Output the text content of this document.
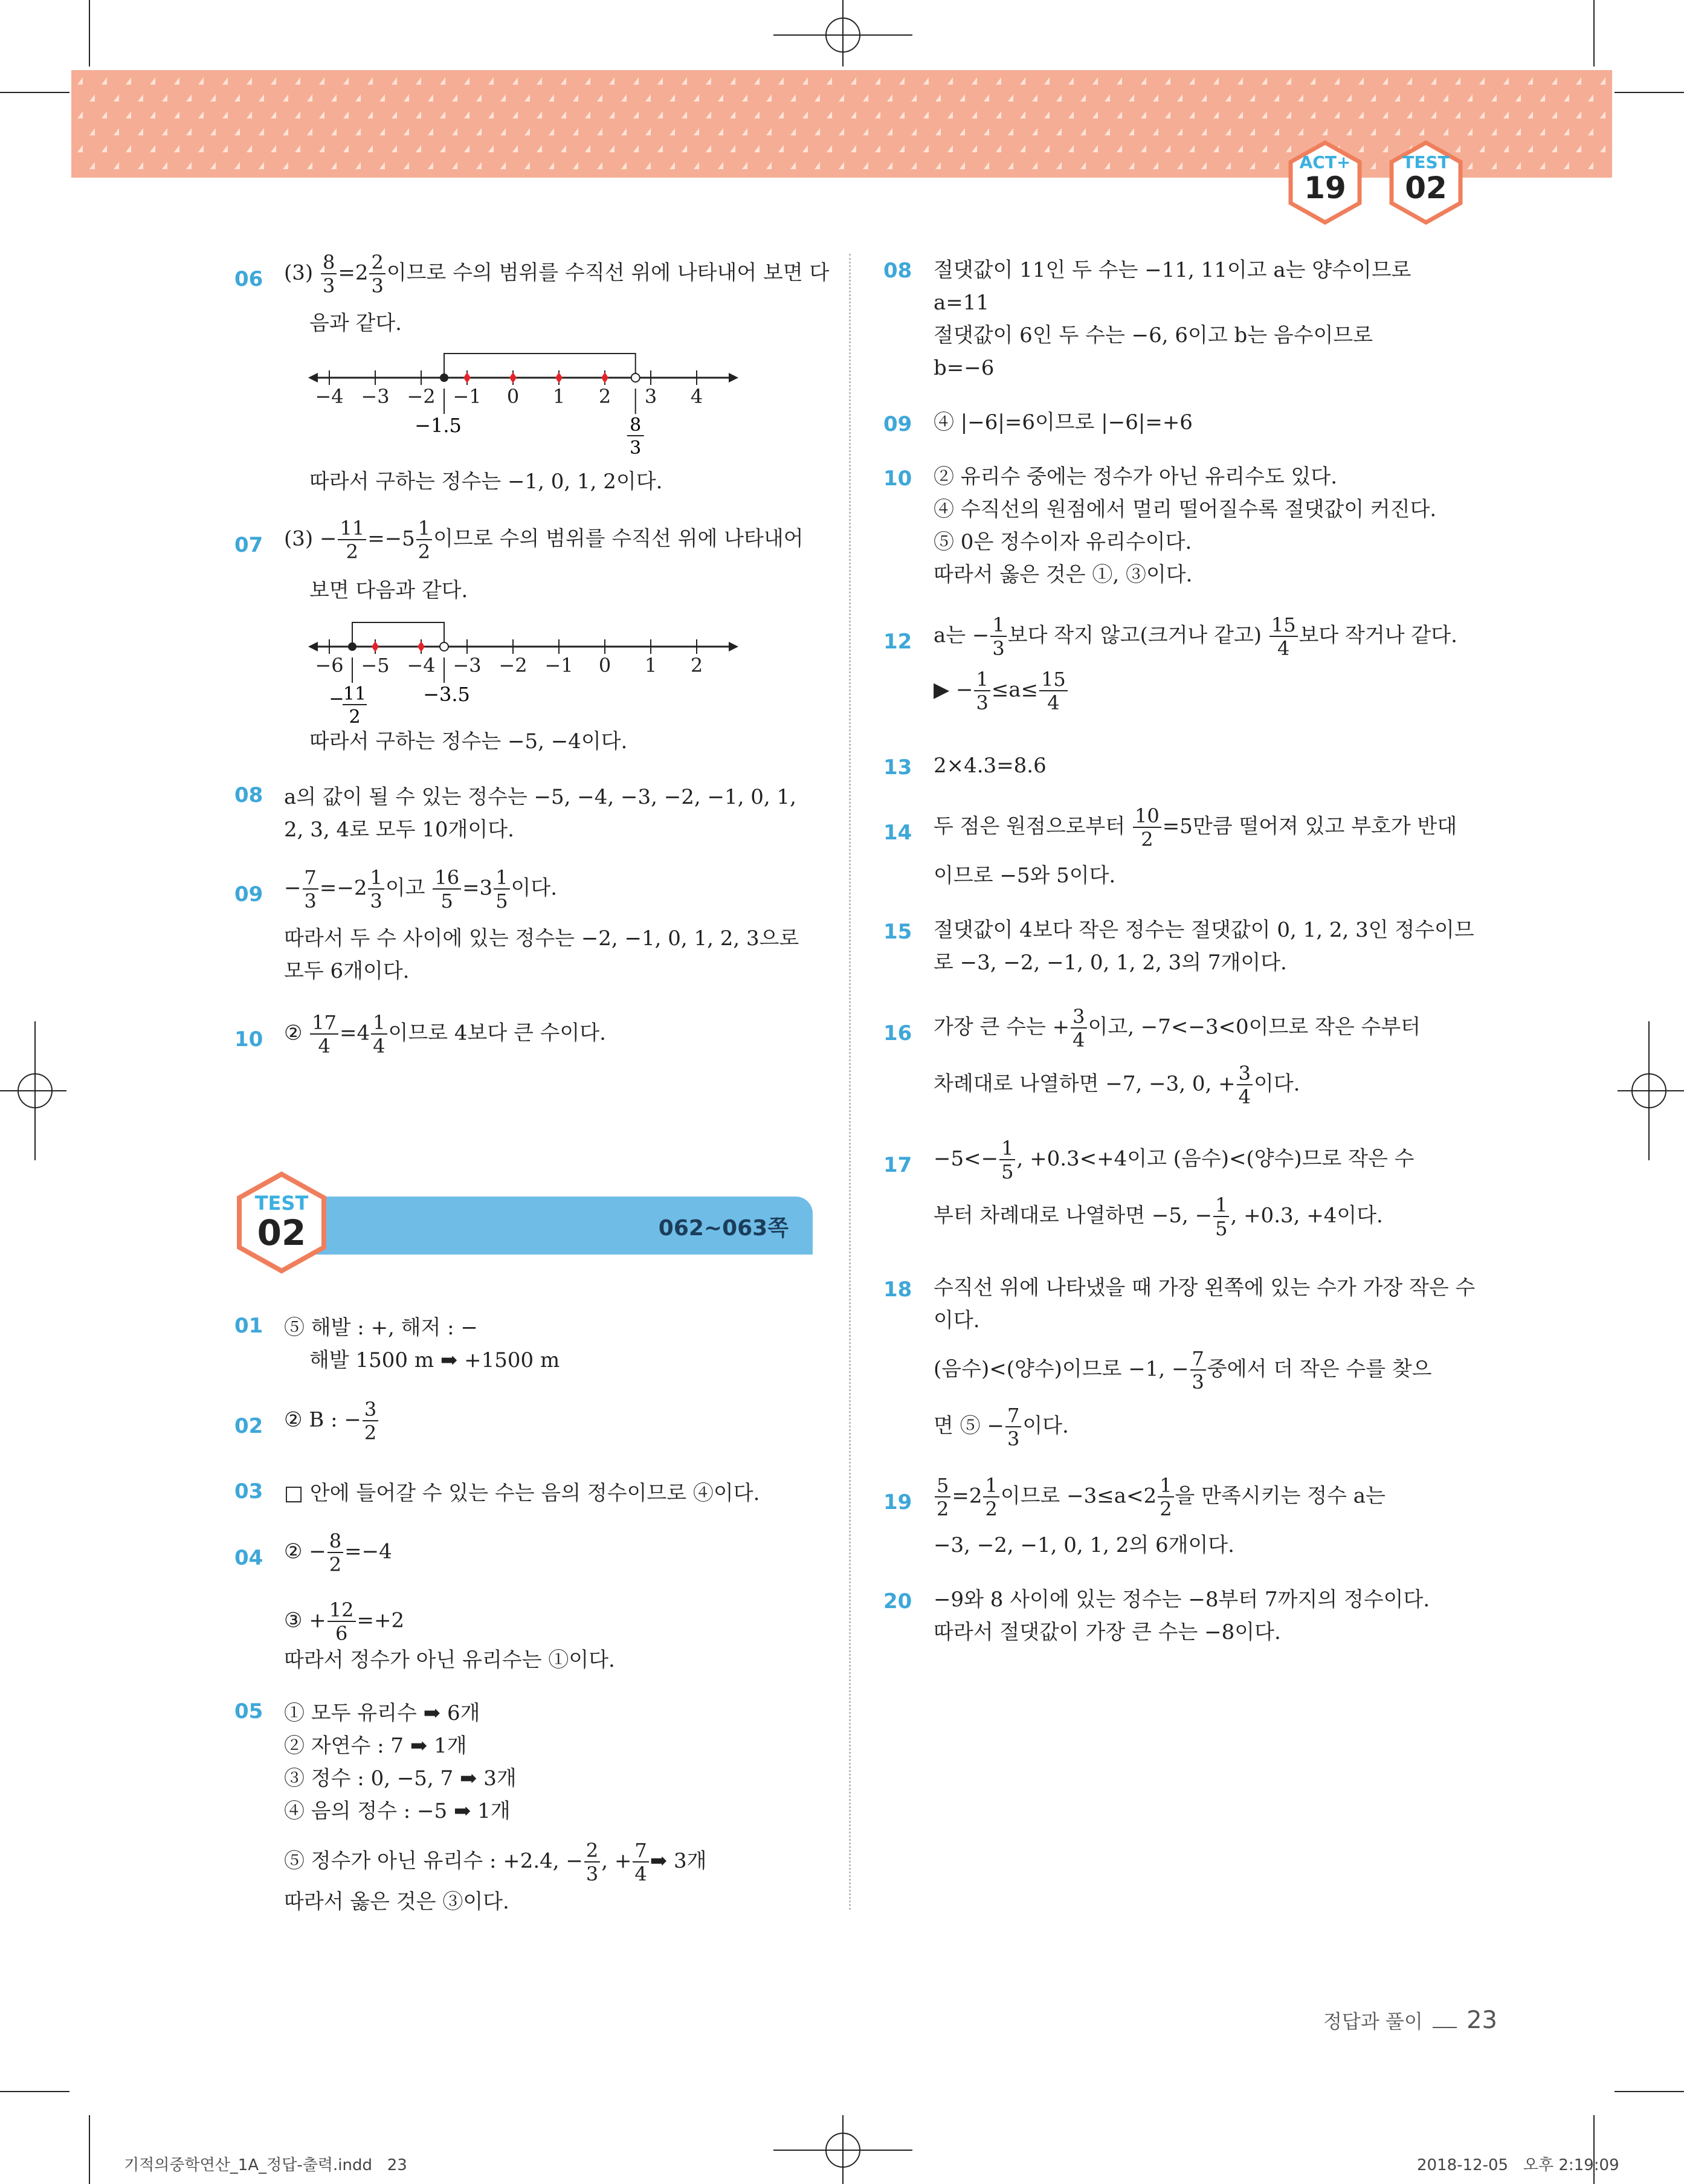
ACT+
19
TEST
02
06 $(3) \frac{8}{3} =2 \frac{2}{3}$ 이므로 수의 범위를 수직선 위에 나타내어 보면 다
음과 같다.
−4 −3 −2 −1 0 1 2 3 4
−1.5	8
3
따라서 구하는 정수는 −1, 0, 1, 2이다.
07 $(3) - \frac{11}{2} =-5 \frac{1}{2}$ 이므로 수의 범위를 수직선 위에 나타내어
보면 다음과 같다.
−6 −5 −4 −3 −2 −1 0 1 2
11
−
2
−3.5
따라서 구하는 정수는 −5, −4이다.
08 a의 값이 될 수 있는 정수는 −5, −4, −3, −2, −1, 0, 1,
2, 3, 4로 모두 10개이다.
$09 - \frac{7}{3} =-2 \frac{1}{3}$ 이고 $\frac{16}{5} =3 \frac{1}{5}$ 이다.
따라서 두 수 사이에 있는 정수는 −2, −1, 0, 1, 2, 3으로
모두 6개이다.
10 ② $\frac{17}{4} =4 \frac{1}{4}$ 이므로 4보다 큰 수이다.
062~063쪽
TEST
02
01 ⑤ 해발 : +, 해저 : −
해발 1500 m ➡ +1500 m
02 ② B : − $\frac{3}{2}$
03 □ 안에 들어갈 수 있는 수는 음의 정수이므로 ④이다.
04 ② − $\frac{8}{2} =-4$
③ + $\frac{12}{6} =+2$
따라서 정수가 아닌 유리수는 ①이다.
05 ① 모두 유리수 ➡ 6개
② 자연수 : 7 ➡ 1개
③ 정수 : 0, −5, 7 ➡ 3개
④ 음의 정수 : −5 ➡ 1개
⑤ 정수가 아닌 유리수 : +2.4, − $\frac{2}{3}$ , + $\frac{7}{4}$ ➡ 3개
따라서 옳은 것은 ③이다.
08 절댓값이 11인 두 수는 −11, 11이고 a는 양수이므로
a=11
절댓값이 6인 두 수는 −6, 6이고 b는 음수이므로
b=−6
09 ④ |−6|=6이므로 |−6|=+6
10 ② 유리수 중에는 정수가 아닌 유리수도 있다.
④ 수직선의 원점에서 멀리 떨어질수록 절댓값이 커진다.
⑤ 0은 정수이자 유리수이다.
따라서 옳은 것은 ①, ③이다.
12 a는 − $\frac{1}{3}$ 보다 작지 않고(크거나 같고) $\frac{15}{4}$ 보다 작거나 같다.
▶ − $\frac{1}{3} \le a\le \frac{15}{4}$
13 2×4.3=8.6
14 두 점은 원점으로부터 $\frac{10}{2} =5$만큼 떨어져 있고 부호가 반대
이므로 −5와 5이다.
15 절댓값이 4보다 작은 정수는 절댓값이 0, 1, 2, 3인 정수이므
로 −3, −2, −1, 0, 1, 2, 3의 7개이다.
16 가장 큰 수는 + $\frac{3}{4}$ 이고, −7<−3<0이므로 작은 수부터
차례대로 나열하면 −7, −3, 0, + $\frac{3}{4}$ 이다.
$17 -5<- \frac{1}{5}$ , +0.3<+4이고 (음수)<(양수)므로 작은 수
부터 차례대로 나열하면 −5, − $\frac{1}{5}$ , +0.3, +4이다.
18 수직선 위에 나타냈을 때 가장 왼쪽에 있는 수가 가장 작은 수
이다.
(음수)<(양수)이므로 −1, − $\frac{7}{3}$ 중에서 더 작은 수를 찾으
면 ⑤ − $\frac{7}{3}$ 이다.
$19 \frac{5}{2} =2 \frac{1}{2}$ 이므로 $-3\le a<2 \frac{1}{2}$ 을 만족시키는 정수 a는
−3, −2, −1, 0, 1, 2의 6개이다.
20 −9와 8 사이에 있는 정수는 −8부터 7까지의 정수이다.
따라서 절댓값이 가장 큰 수는 −8이다.
정답과 풀이 23
기적의중학연산_1A_정답-출력.indd   23	2018-12-05   오후 2:19:09
